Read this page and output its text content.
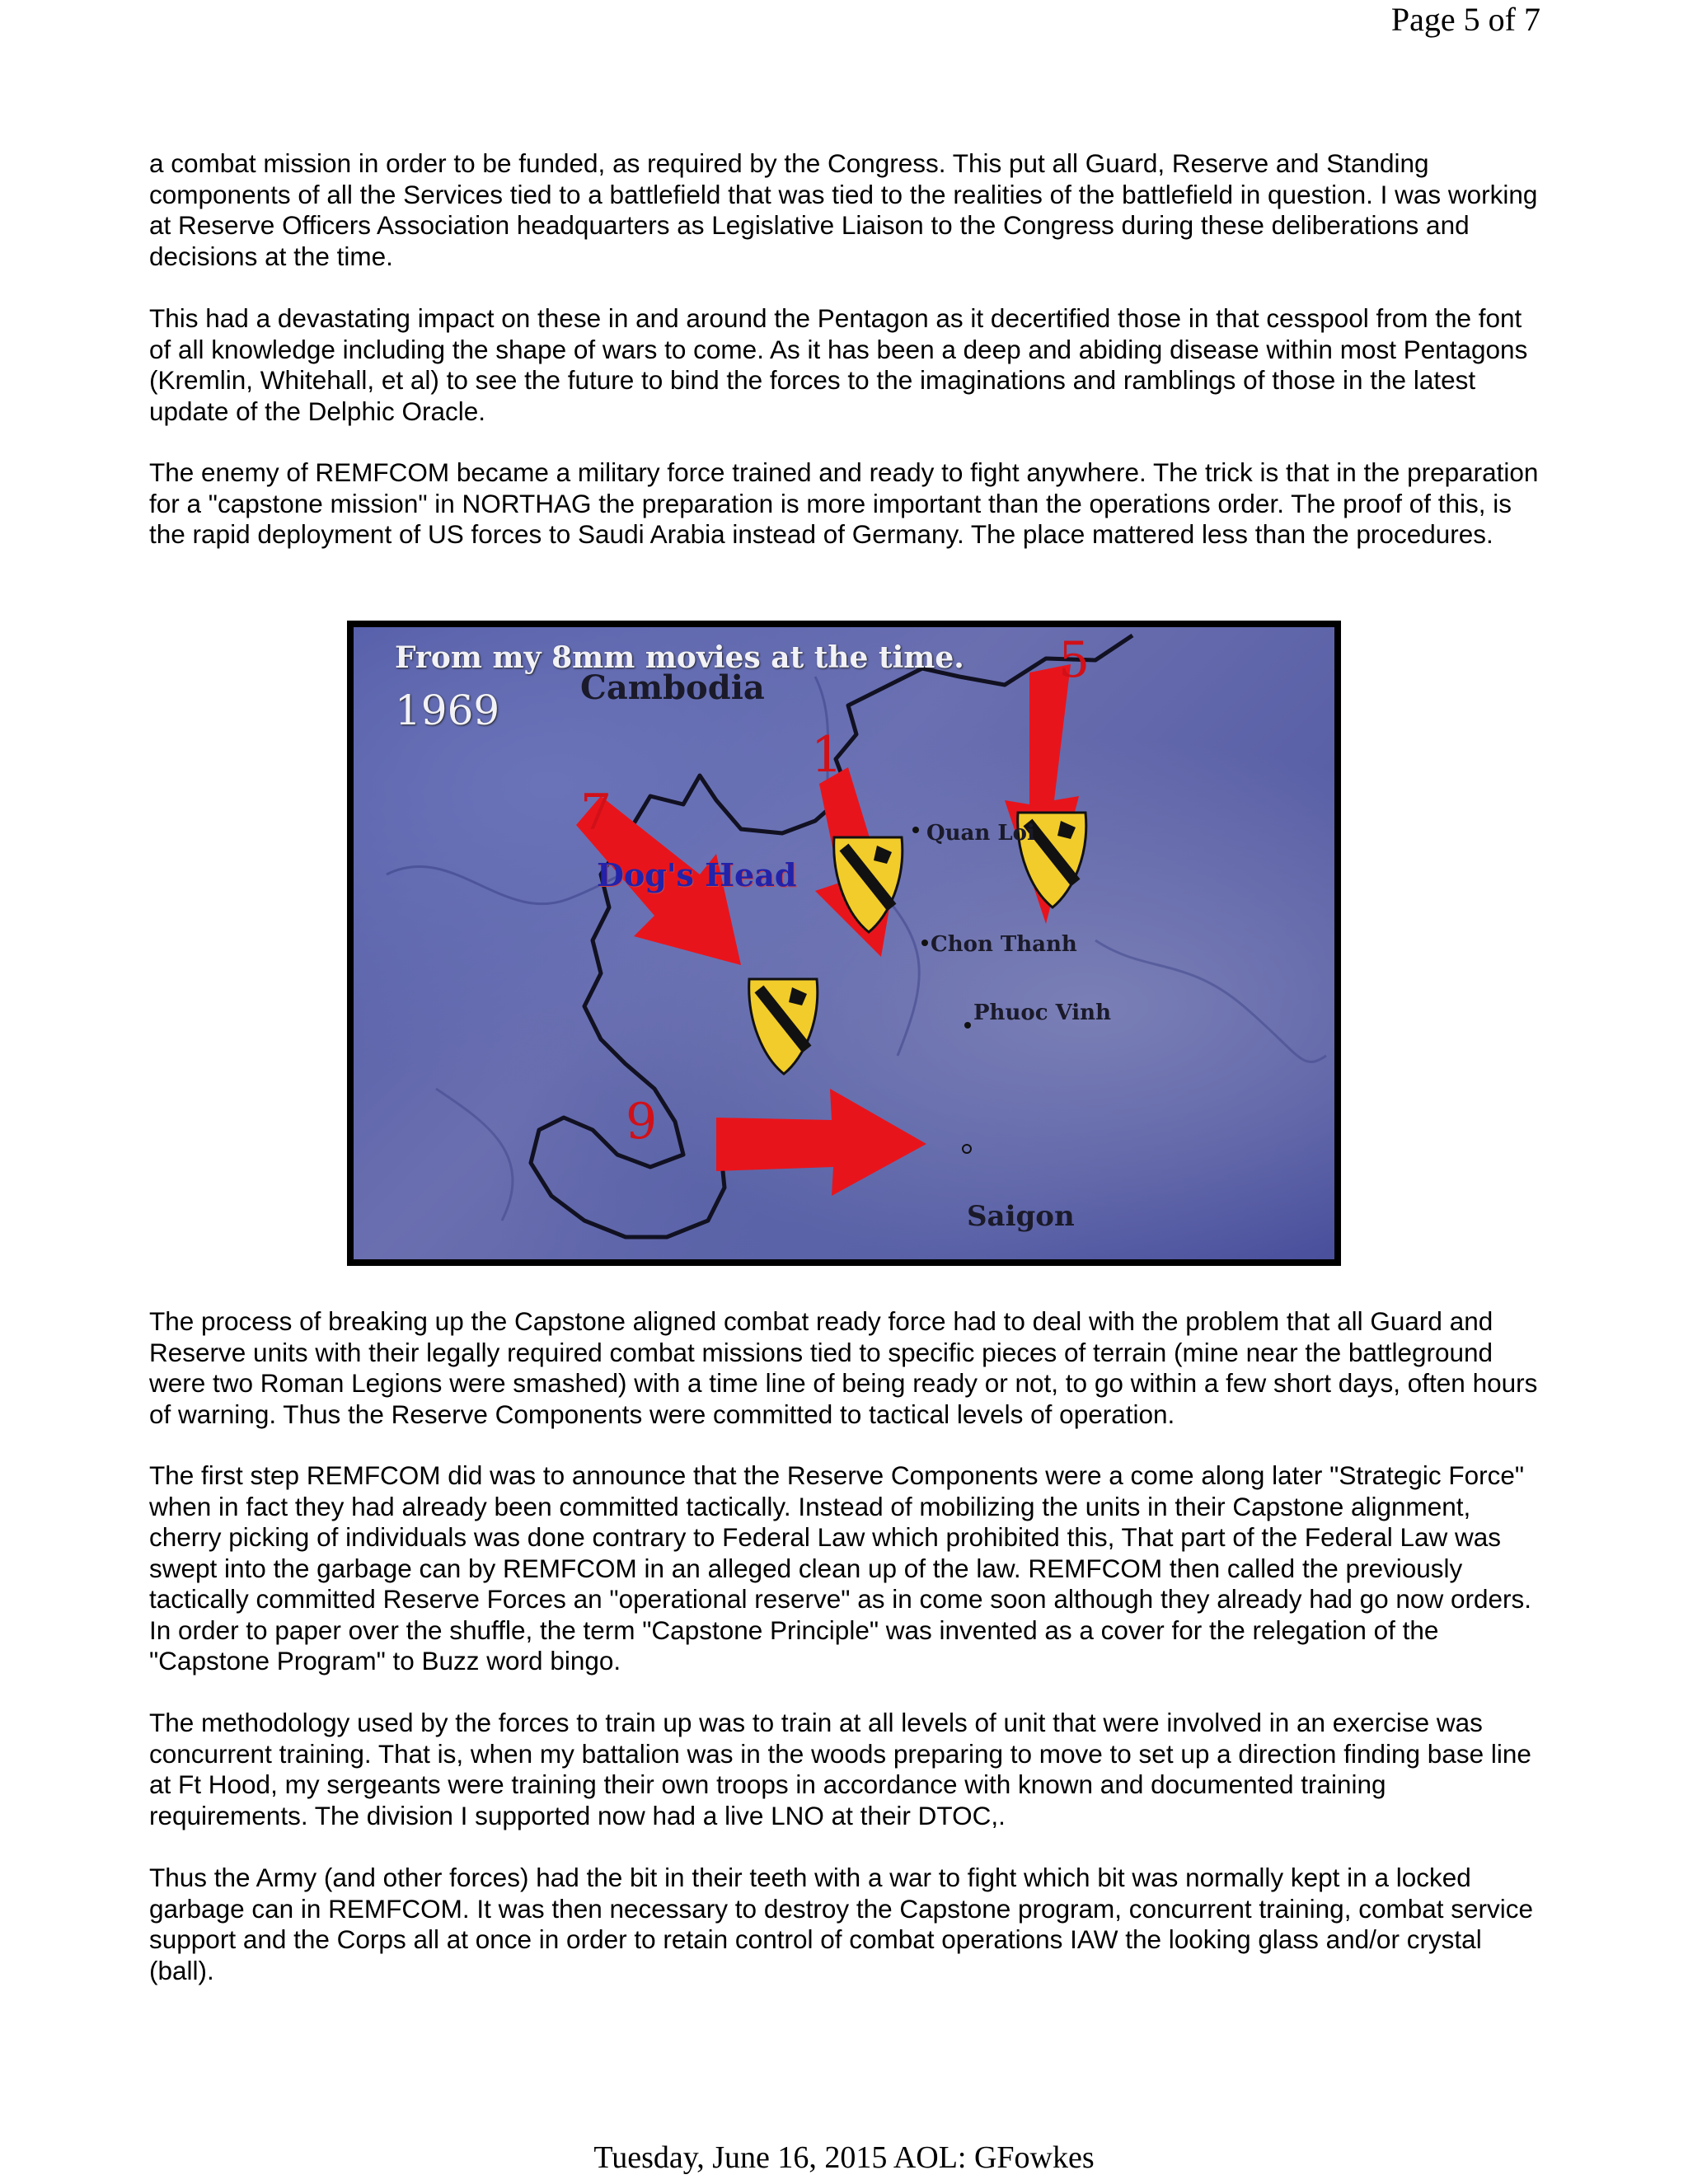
Page 5 of 7

a combat mission in order to be funded, as required by the Congress. This put all Guard, Reserve and Standing components of all the Services tied to a battlefield that was tied to the realities of the battlefield in question. I was working at Reserve Officers Association headquarters as Legislative Liaison to the Congress during these deliberations and decisions at the time.

This had a devastating impact on these in and around the Pentagon as it decertified those in that cesspool from the font of all knowledge including the shape of wars to come. As it has been a deep and abiding disease within most Pentagons (Kremlin, Whitehall, et al) to see the future to bind the forces to the imaginations and ramblings of those in the latest update of the Delphic Oracle.

The enemy of REMFCOM became a military force trained and ready to fight anywhere. The trick is that in the preparation for a "capstone mission" in NORTHAG the preparation is more important than the operations order. The proof of this, is the rapid deployment of US forces to Saudi Arabia instead of Germany. The place mattered less than the procedures.

7
1
5
9
From my 8mm movies at the time.
1969 Cambodia
Dog's Head
Quan Loi
Chon Thanh
Phuoc Vinh
Saigon

The process of breaking up the Capstone aligned combat ready force had to deal with the problem that all Guard and Reserve units with their legally required combat missions tied to specific pieces of terrain (mine near the battleground were two Roman Legions were smashed) with a time line of being ready or not, to go within a few short days, often hours of warning. Thus the Reserve Components were committed to tactical levels of operation.

The first step REMFCOM did was to announce that the Reserve Components were a come along later "Strategic Force" when in fact they had already been committed tactically. Instead of mobilizing the units in their Capstone alignment, cherry picking of individuals was done contrary to Federal Law which prohibited this, That part of the Federal Law was swept into the garbage can by REMFCOM in an alleged clean up of the law. REMFCOM then called the previously tactically committed Reserve Forces an "operational reserve" as in come soon although they already had go now orders. In order to paper over the shuffle, the term "Capstone Principle" was invented as a cover for the relegation of the "Capstone Program" to Buzz word bingo.

The methodology used by the forces to train up was to train at all levels of unit that were involved in an exercise was concurrent training. That is, when my battalion was in the woods preparing to move to set up a direction finding base line at Ft Hood, my sergeants were training their own troops in accordance with known and documented training requirements. The division I supported now had a live LNO at their DTOC,.

Thus the Army (and other forces) had the bit in their teeth with a war to fight which bit was normally kept in a locked garbage can in REMFCOM. It was then necessary to destroy the Capstone program, concurrent training, combat service support and the Corps all at once in order to retain control of combat operations IAW the looking glass and/or crystal (ball).

Tuesday, June 16, 2015 AOL: GFowkes
